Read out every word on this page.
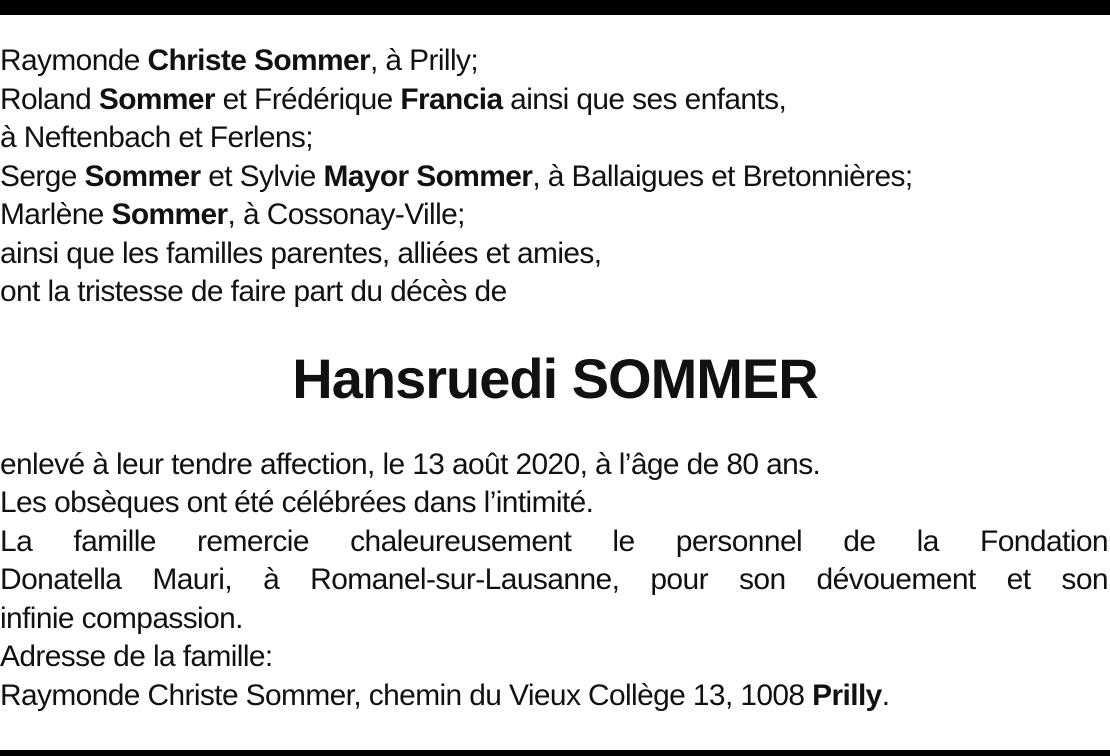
Raymonde Christe Sommer, à Prilly;
Roland Sommer et Frédérique Francia ainsi que ses enfants,
à Neftenbach et Ferlens;
Serge Sommer et Sylvie Mayor Sommer, à Ballaigues et Bretonnières;
Marlène Sommer, à Cossonay-Ville;
ainsi que les familles parentes, alliées et amies,
ont la tristesse de faire part du décès de
Hansruedi SOMMER
enlevé à leur tendre affection, le 13 août 2020, à l’âge de 80 ans.
Les obsèques ont été célébrées dans l’intimité.
La famille remercie chaleureusement le personnel de la Fondation
Donatella Mauri, à Romanel-sur-Lausanne, pour son dévouement et son
infinie compassion.
Adresse de la famille:
Raymonde Christe Sommer, chemin du Vieux Collège 13, 1008 Prilly.
